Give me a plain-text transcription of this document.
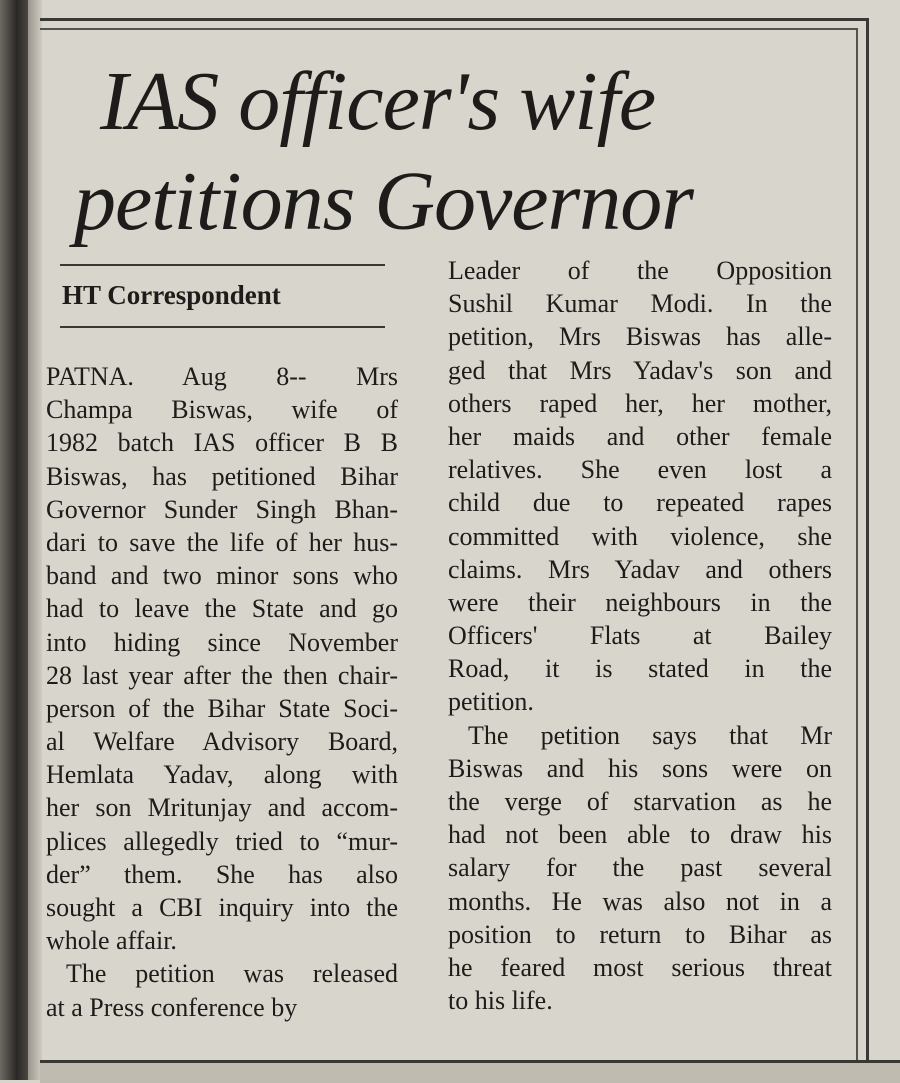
IAS officer's wife
petitions Governor
HT Correspondent
PATNA. Aug 8-- Mrs
Champa Biswas, wife of
1982 batch IAS officer B B
Biswas, has petitioned Bihar
Governor Sunder Singh Bhan-
dari to save the life of her hus-
band and two minor sons who
had to leave the State and go
into hiding since November
28 last year after the then chair-
person of the Bihar State Soci-
al Welfare Advisory Board,
Hemlata Yadav, along with
her son Mritunjay and accom-
plices allegedly tried to “mur-
der” them. She has also
sought a CBI inquiry into the
whole affair.
The petition was released
at a Press conference by
Leader of the Opposition
Sushil Kumar Modi. In the
petition, Mrs Biswas has alle-
ged that Mrs Yadav's son and
others raped her, her mother,
her maids and other female
relatives. She even lost a
child due to repeated rapes
committed with violence, she
claims. Mrs Yadav and others
were their neighbours in the
Officers' Flats at Bailey
Road, it is stated in the
petition.
The petition says that Mr
Biswas and his sons were on
the verge of starvation as he
had not been able to draw his
salary for the past several
months. He was also not in a
position to return to Bihar as
he feared most serious threat
to his life.
